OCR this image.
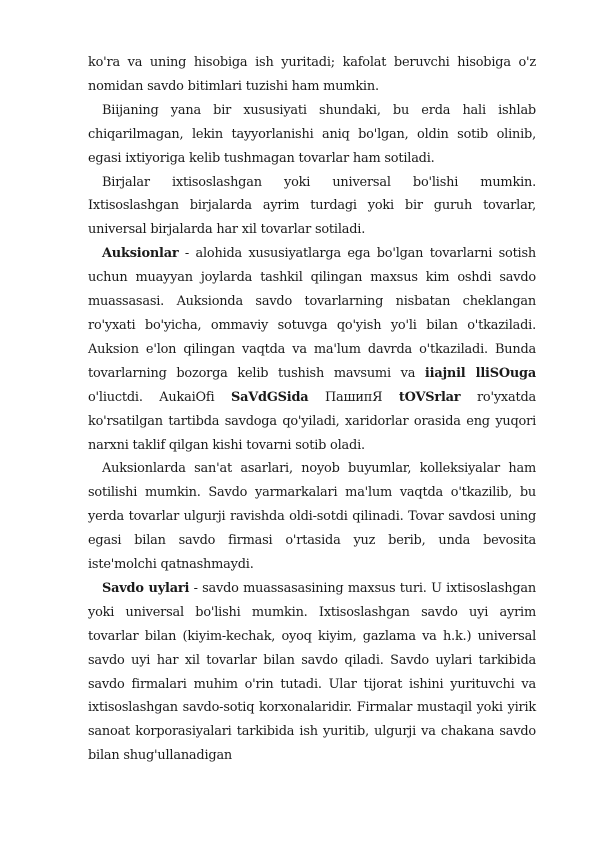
ko'ra va uning hisobiga ish yuritadi; kafolat beruvchi hisobiga o'z nomidan savdo bitimlari tuzishi ham mumkin.

Biijaning yana bir xususiyati shundaki, bu erda hali ishlab chiqarilmagan, lekin tayyorlanishi aniq bo'lgan, oldin sotib olinib, egasi ixtiyoriga kelib tushmagan tovarlar ham sotiladi.

Birjalar ixtisoslashgan yoki universal bo'lishi mumkin. Ixtisoslashgan birjalarda ayrim turdagi yoki bir guruh tovarlar, universal birjalarda har xil tovarlar sotiladi.

Auksionlar - alohida xususiyatlarga ega bo'lgan tovarlarni sotish uchun muayyan joylarda tashkil qilingan maxsus kim oshdi savdo muassasasi. Auksionda savdo tovarlarning nisbatan cheklangan ro'yxati bo'yicha, ommaviy sotuvga qo'yish yo'li bilan o'tkaziladi. Auksion e'lon qilingan vaqtda va ma'lum davrda o'tkaziladi. Bunda tovarlarning bozorga kelib tushish mavsumi va iiajnil lliSOuga o'liuctdi. AukaiOfi SaVdGSida ПашипЯ tOVSrlar ro'yxatda ko'rsatilgan tartibda savdoga qo'yiladi, xaridorlar orasida eng yuqori narxni taklif qilgan kishi tovarni sotib oladi.

Auksionlarda san'at asarlari, noyob buyumlar, kolleksiyalar ham sotilishi mumkin. Savdo yarmarkalari ma'lum vaqtda o'tkazilib, bu yerda tovarlar ulgurji ravishda oldi-sotdi qilinadi. Tovar savdosi uning egasi bilan savdo firmasi o'rtasida yuz berib, unda bevosita iste'molchi qatnashmaydi.

Savdo uylari - savdo muassasasining maxsus turi. U ixtisoslashgan yoki universal bo'lishi mumkin. Ixtisoslashgan savdo uyi ayrim tovarlar bilan (kiyim-kechak, oyoq kiyim, gazlama va h.k.) universal savdo uyi har xil tovarlar bilan savdo qiladi. Savdo uylari tarkibida savdo firmalari muhim o'rin tutadi. Ular tijorat ishini yurituvchi va ixtisoslashgan savdo-sotiq korxonalaridir. Firmalar mustaqil yoki yirik sanoat korporasiyalari tarkibida ish yuritib, ulgurji va chakana savdo bilan shug'ullanadigan
